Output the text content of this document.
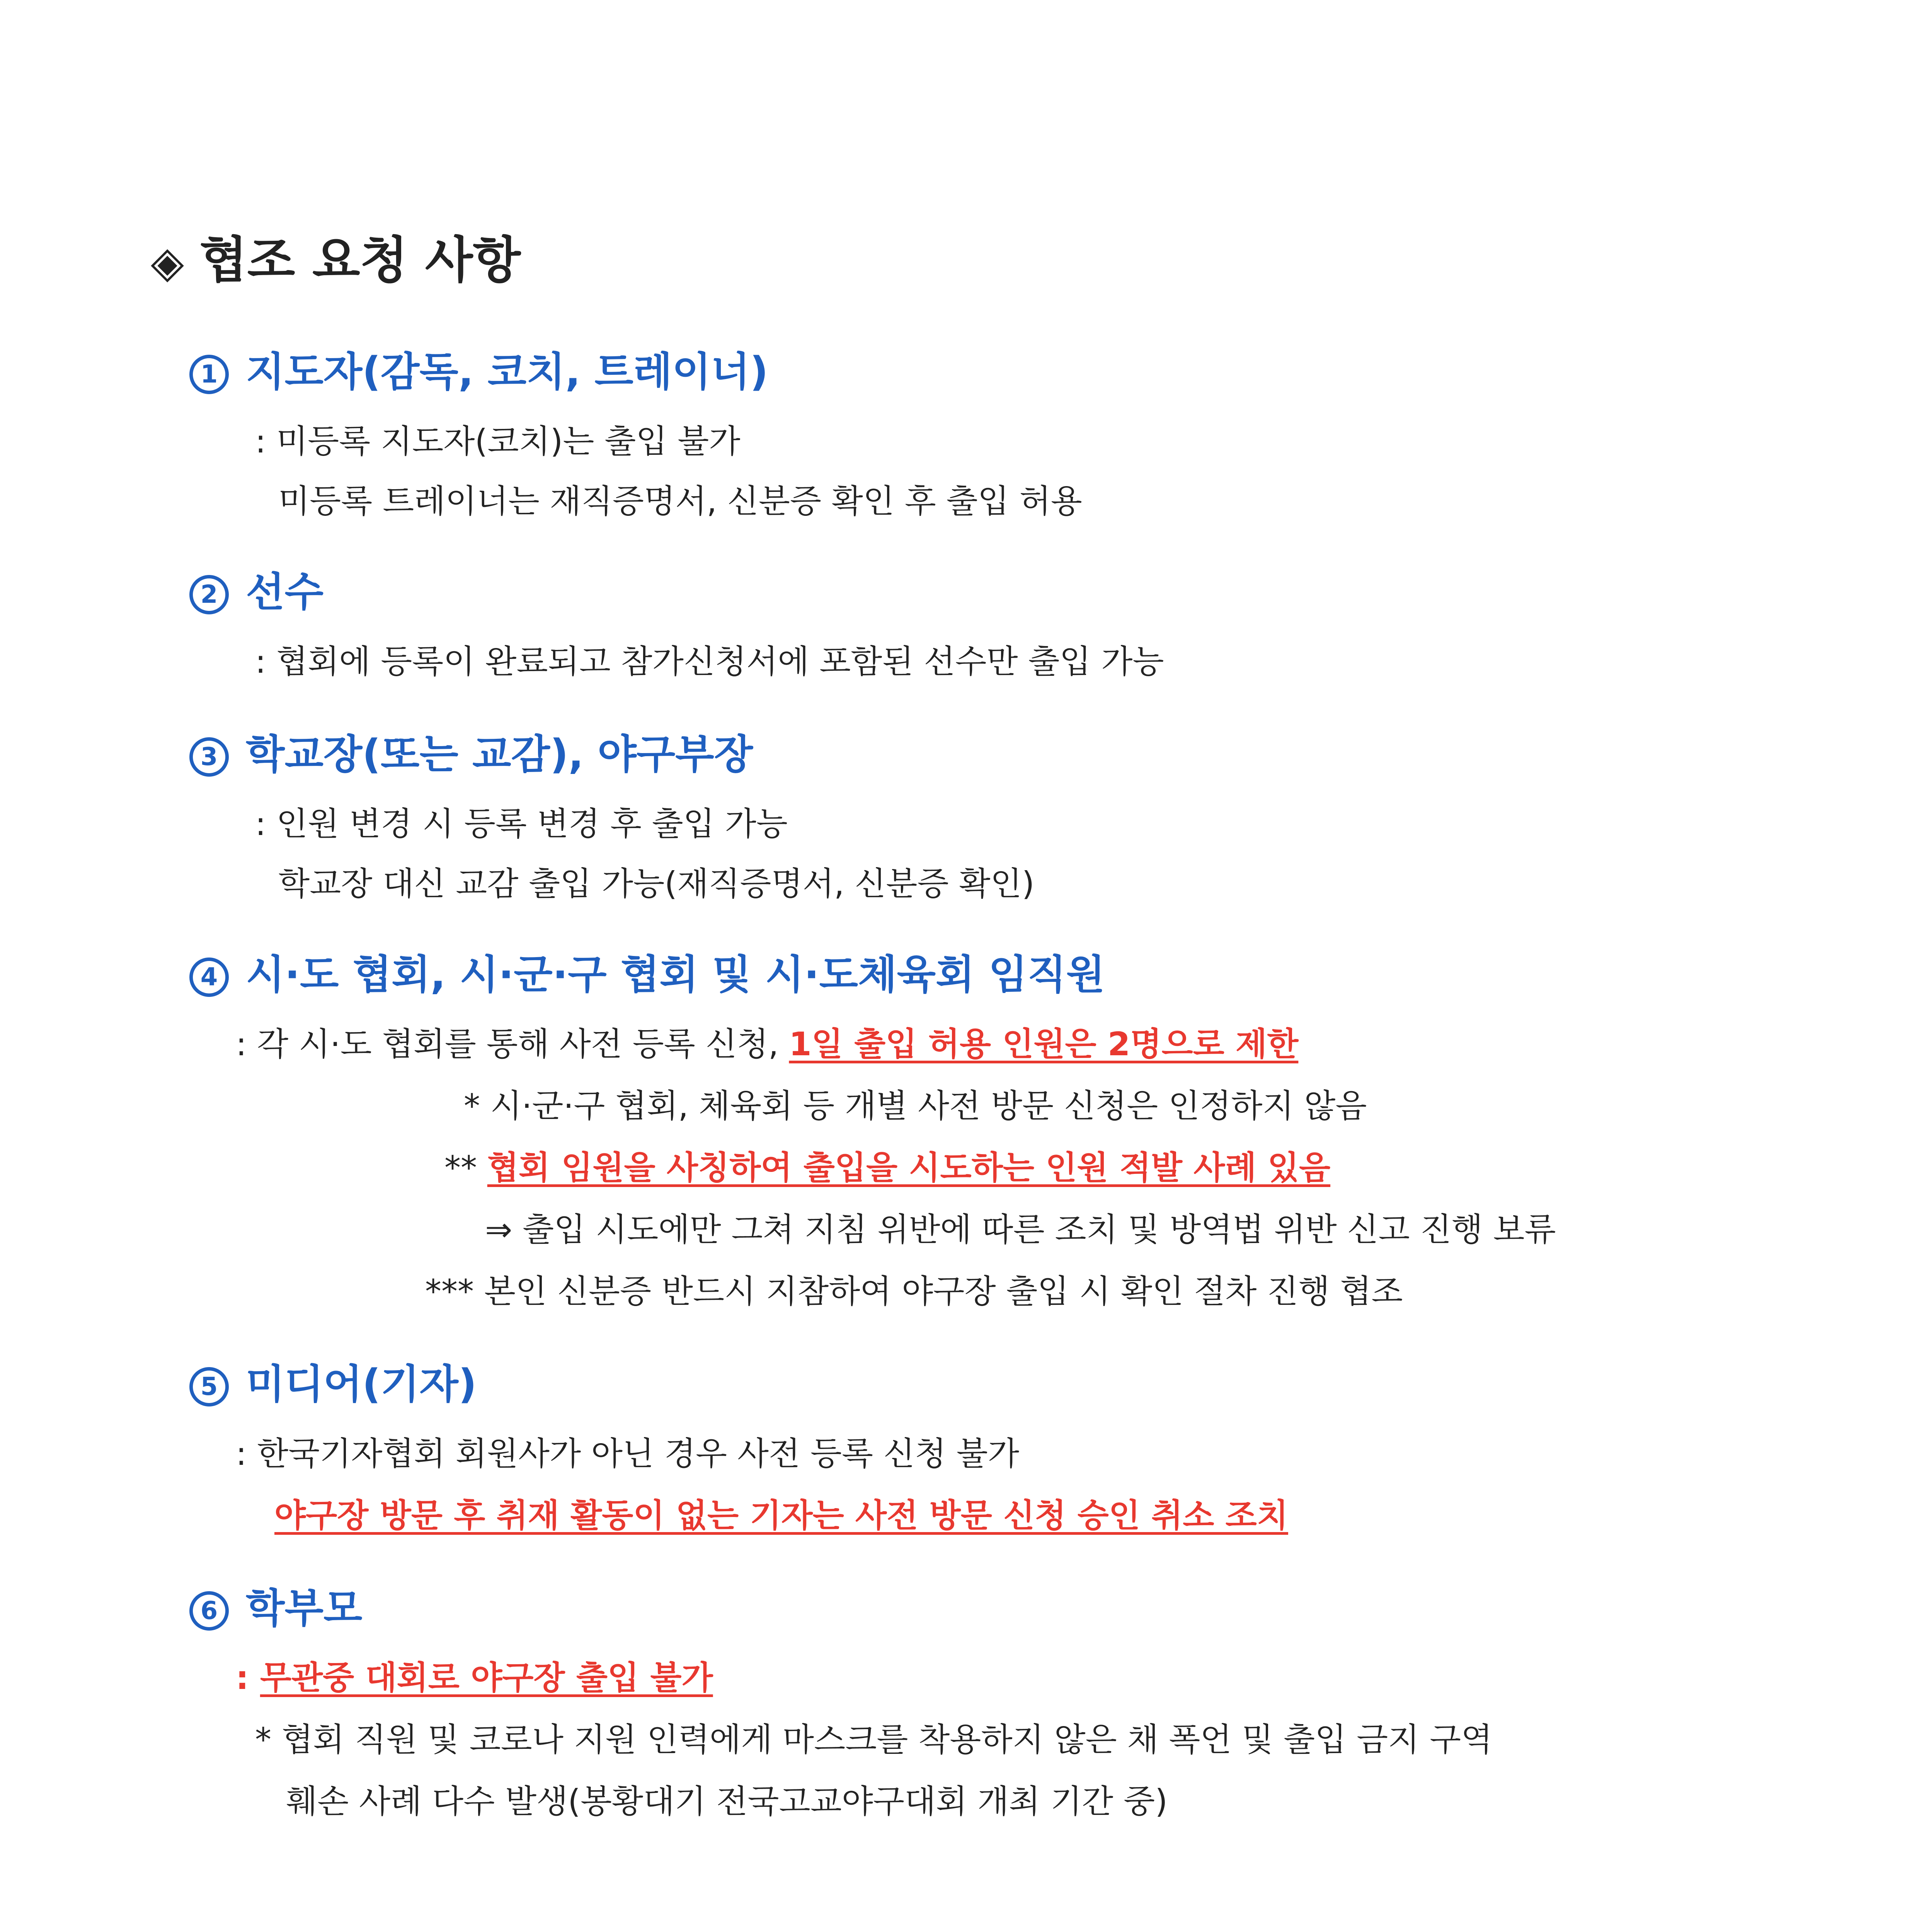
◈ 협조 요청 사항
1 지도자(감독, 코치, 트레이너)
: 미등록 지도자(코치)는 출입 불가
미등록 트레이너는 재직증명서, 신분증 확인 후 출입 허용
2 선수
: 협회에 등록이 완료되고 참가신청서에 포함된 선수만 출입 가능
3 학교장(또는 교감), 야구부장
: 인원 변경 시 등록 변경 후 출입 가능
학교장 대신 교감 출입 가능(재직증명서, 신분증 확인)
4 시·도 협회, 시·군·구 협회 및 시·도체육회 임직원
: 각 시·도 협회를 통해 사전 등록 신청, 1일 출입 허용 인원은 2명으로 제한
* 시·군·구 협회, 체육회 등 개별 사전 방문 신청은 인정하지 않음
** 협회 임원을 사칭하여 출입을 시도하는 인원 적발 사례 있음
⇒ 출입 시도에만 그쳐 지침 위반에 따른 조치 및 방역법 위반 신고 진행 보류
*** 본인 신분증 반드시 지참하여 야구장 출입 시 확인 절차 진행 협조
5 미디어(기자)
: 한국기자협회 회원사가 아닌 경우 사전 등록 신청 불가
야구장 방문 후 취재 활동이 없는 기자는 사전 방문 신청 승인 취소 조치
6 학부모
: 무관중 대회로 야구장 출입 불가
* 협회 직원 및 코로나 지원 인력에게 마스크를 착용하지 않은 채 폭언 및 출입 금지 구역
훼손 사례 다수 발생(봉황대기 전국고교야구대회 개최 기간 중)
